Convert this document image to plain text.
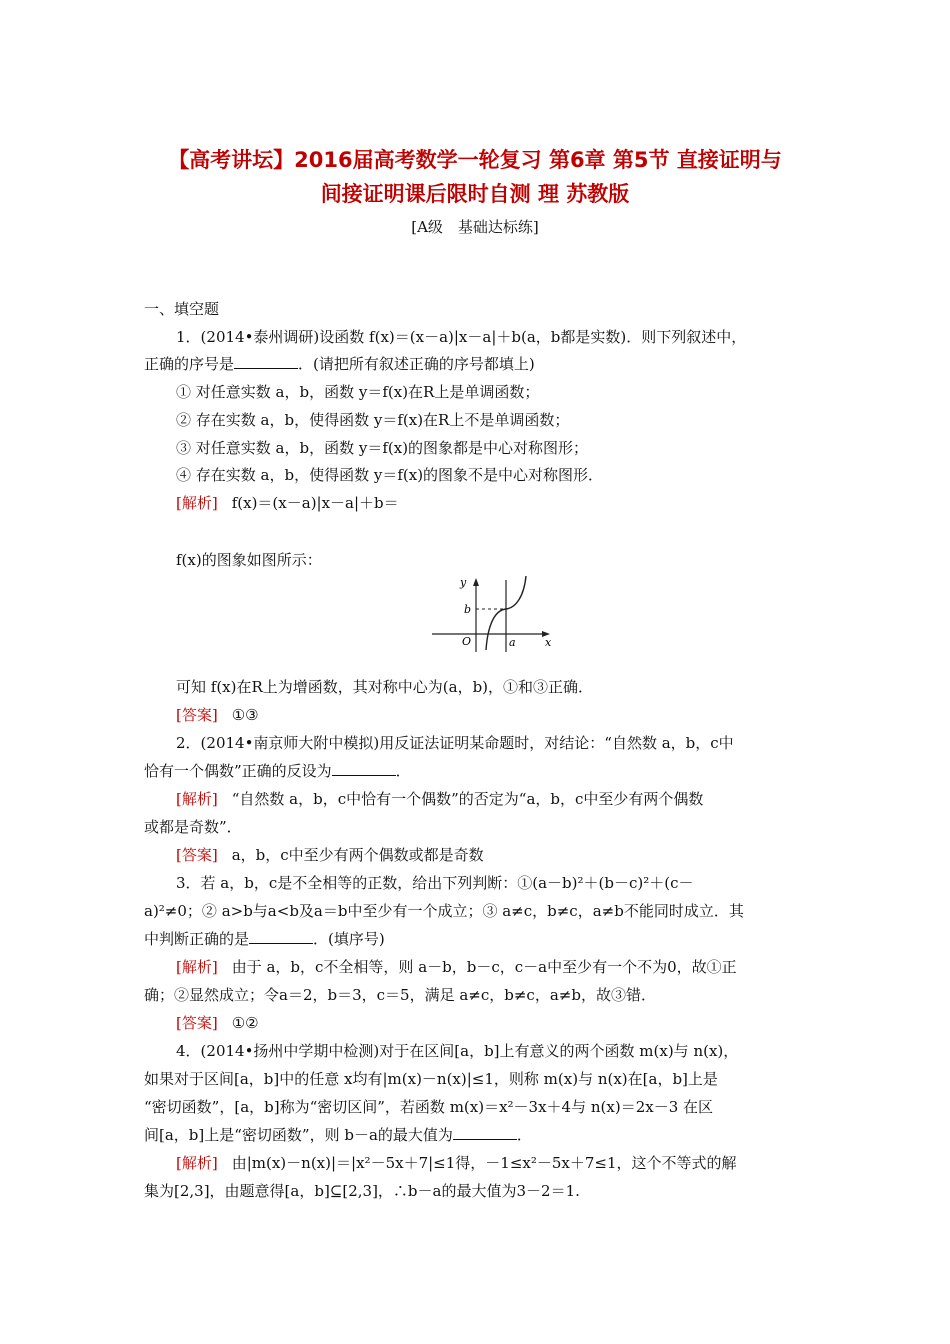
【高考讲坛】2016届高考数学一轮复习 第6章 第5节 直接证明与
间接证明课后限时自测 理 苏教版
[A级　基础达标练]
一、填空题
1．(2014•泰州调研)设函数 f(x)＝(x－a)|x－a|＋b(a，b都是实数)．则下列叙述中，
正确的序号是	．(请把所有叙述正确的序号都填上)
① 对任意实数 a，b，函数 y＝f(x)在R上是单调函数；
② 存在实数 a，b，使得函数 y＝f(x)在R上不是单调函数；
③ 对任意实数 a，b，函数 y＝f(x)的图象都是中心对称图形；
④ 存在实数 a，b，使得函数 y＝f(x)的图象不是中心对称图形．
[解析] f(x)＝(x－a)|x－a|＋b＝
f(x)的图象如图所示：
y
x
O
b
a
可知 f(x)在R上为增函数，其对称中心为(a，b)，①和③正确．
[答案] ①③
2．(2014•南京师大附中模拟)用反证法证明某命题时，对结论：“自然数 a，b，c中
恰有一个偶数”正确的反设为	．
[解析] “自然数 a，b，c中恰有一个偶数”的否定为“a，b，c中至少有两个偶数
或都是奇数”．
[答案] a，b，c中至少有两个偶数或都是奇数
3．若 a，b，c是不全相等的正数，给出下列判断：①(a－b)²＋(b－c)²＋(c－
a)²≠0；② a>b与a<b及a＝b中至少有一个成立；③ a≠c，b≠c，a≠b不能同时成立．其
中判断正确的是	．(填序号)
[解析] 由于 a，b，c不全相等，则 a－b，b－c，c－a中至少有一个不为0，故①正
确；②显然成立；令a＝2，b＝3，c＝5，满足 a≠c，b≠c，a≠b，故③错．
[答案] ①②
4．(2014•扬州中学期中检测)对于在区间[a，b]上有意义的两个函数 m(x)与 n(x)，
如果对于区间[a，b]中的任意 x均有|m(x)－n(x)|≤1，则称 m(x)与 n(x)在[a，b]上是
“密切函数”，[a，b]称为“密切区间”，若函数 m(x)＝x²－3x＋4与 n(x)＝2x－3 在区
间[a，b]上是“密切函数”，则 b－a的最大值为	．
[解析] 由|m(x)－n(x)|＝|x²－5x＋7|≤1得，－1≤x²－5x＋7≤1，这个不等式的解
集为[2,3]，由题意得[a，b]⊆[2,3]，∴b－a的最大值为3－2＝1.
